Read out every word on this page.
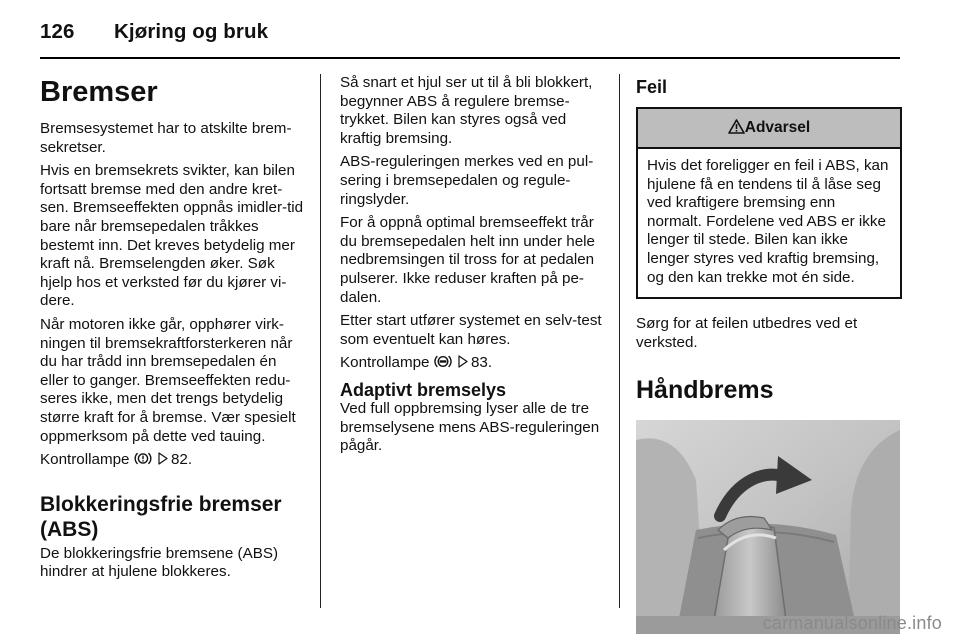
126 Kjøring og bruk
Bremser

Bremsesystemet har to atskilte brem-sekretser.

Hvis en bremsekrets svikter, kan bilen fortsatt bremse med den andre kret-sen. Bremseeffekten oppnås imidler-tid bare når bremsepedalen tråkkes bestemt inn. Det kreves betydelig mer kraft nå. Bremselengden øker. Søk hjelp hos et verksted før du kjører vi-dere.

Når motoren ikke går, opphører virk-ningen til bremsekraftforsterkeren når du har trådd inn bremsepedalen én eller to ganger. Bremseeffekten redu-seres ikke, men det trengs betydelig større kraft for å bremse. Vær spesielt oppmerksom på dette ved tauing.

Kontrollampe	82.

Blokkeringsfrie bremser (ABS)

De blokkeringsfrie bremsene (ABS) hindrer at hjulene blokkeres.

Så snart et hjul ser ut til å bli blokkert, begynner ABS å regulere bremse-trykket. Bilen kan styres også ved kraftig bremsing.

ABS-reguleringen merkes ved en pul-sering i bremsepedalen og regule-ringslyder.

For å oppnå optimal bremseeffekt trår du bremsepedalen helt inn under hele nedbremsingen til tross for at pedalen pulserer. Ikke reduser kraften på pe-dalen.

Etter start utfører systemet en selv-test som eventuelt kan høres.

Kontrollampe	83.

Adaptivt bremselys

Ved full oppbremsing lyser alle de tre bremselysene mens ABS-reguleringen pågår.

Feil
Advarsel
Hvis det foreligger en feil i ABS, kan hjulene få en tendens til å låse seg ved kraftigere bremsing enn normalt. Fordelene ved ABS er ikke lenger til stede. Bilen kan ikke lenger styres ved kraftig bremsing, og den kan trekke mot én side.

Sørg for at feilen utbedres ved et verksted.

Håndbrems
carmanualsonline.info
